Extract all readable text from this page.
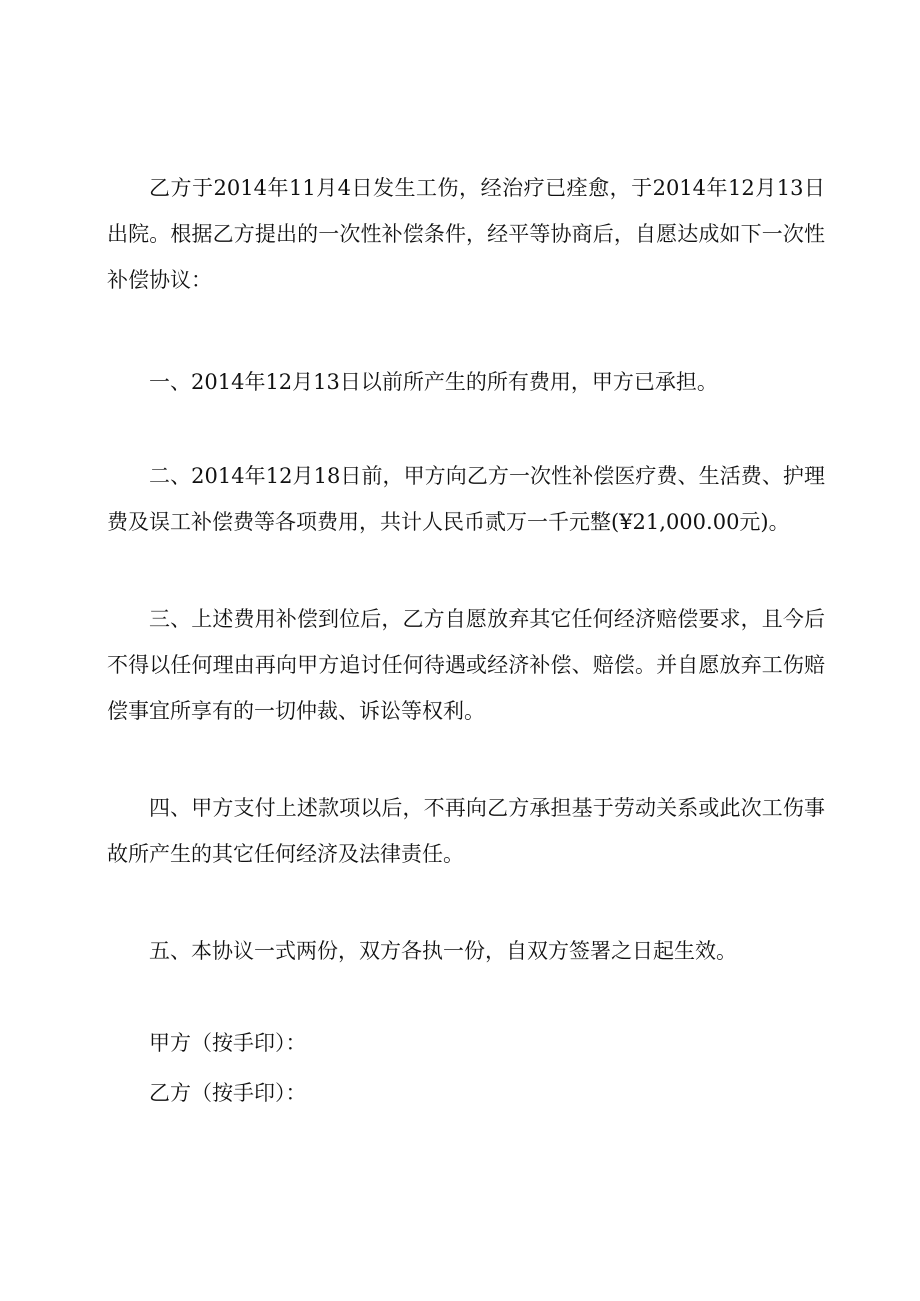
乙方于2014年11月4日发生工伤，经治疗已痊愈，于2014年12月13日出院。根据乙方提出的一次性补偿条件，经平等协商后，自愿达成如下一次性补偿协议：

一、2014年12月13日以前所产生的所有费用，甲方已承担。

二、2014年12月18日前，甲方向乙方一次性补偿医疗费、生活费、护理费及误工补偿费等各项费用，共计人民币贰万一千元整(¥21,000.00元)。

三、上述费用补偿到位后，乙方自愿放弃其它任何经济赔偿要求，且今后不得以任何理由再向甲方追讨任何待遇或经济补偿、赔偿。并自愿放弃工伤赔偿事宜所享有的一切仲裁、诉讼等权利。

四、甲方支付上述款项以后，不再向乙方承担基于劳动关系或此次工伤事故所产生的其它任何经济及法律责任。

五、本协议一式两份，双方各执一份，自双方签署之日起生效。

甲方（按手印）：

乙方（按手印）：
